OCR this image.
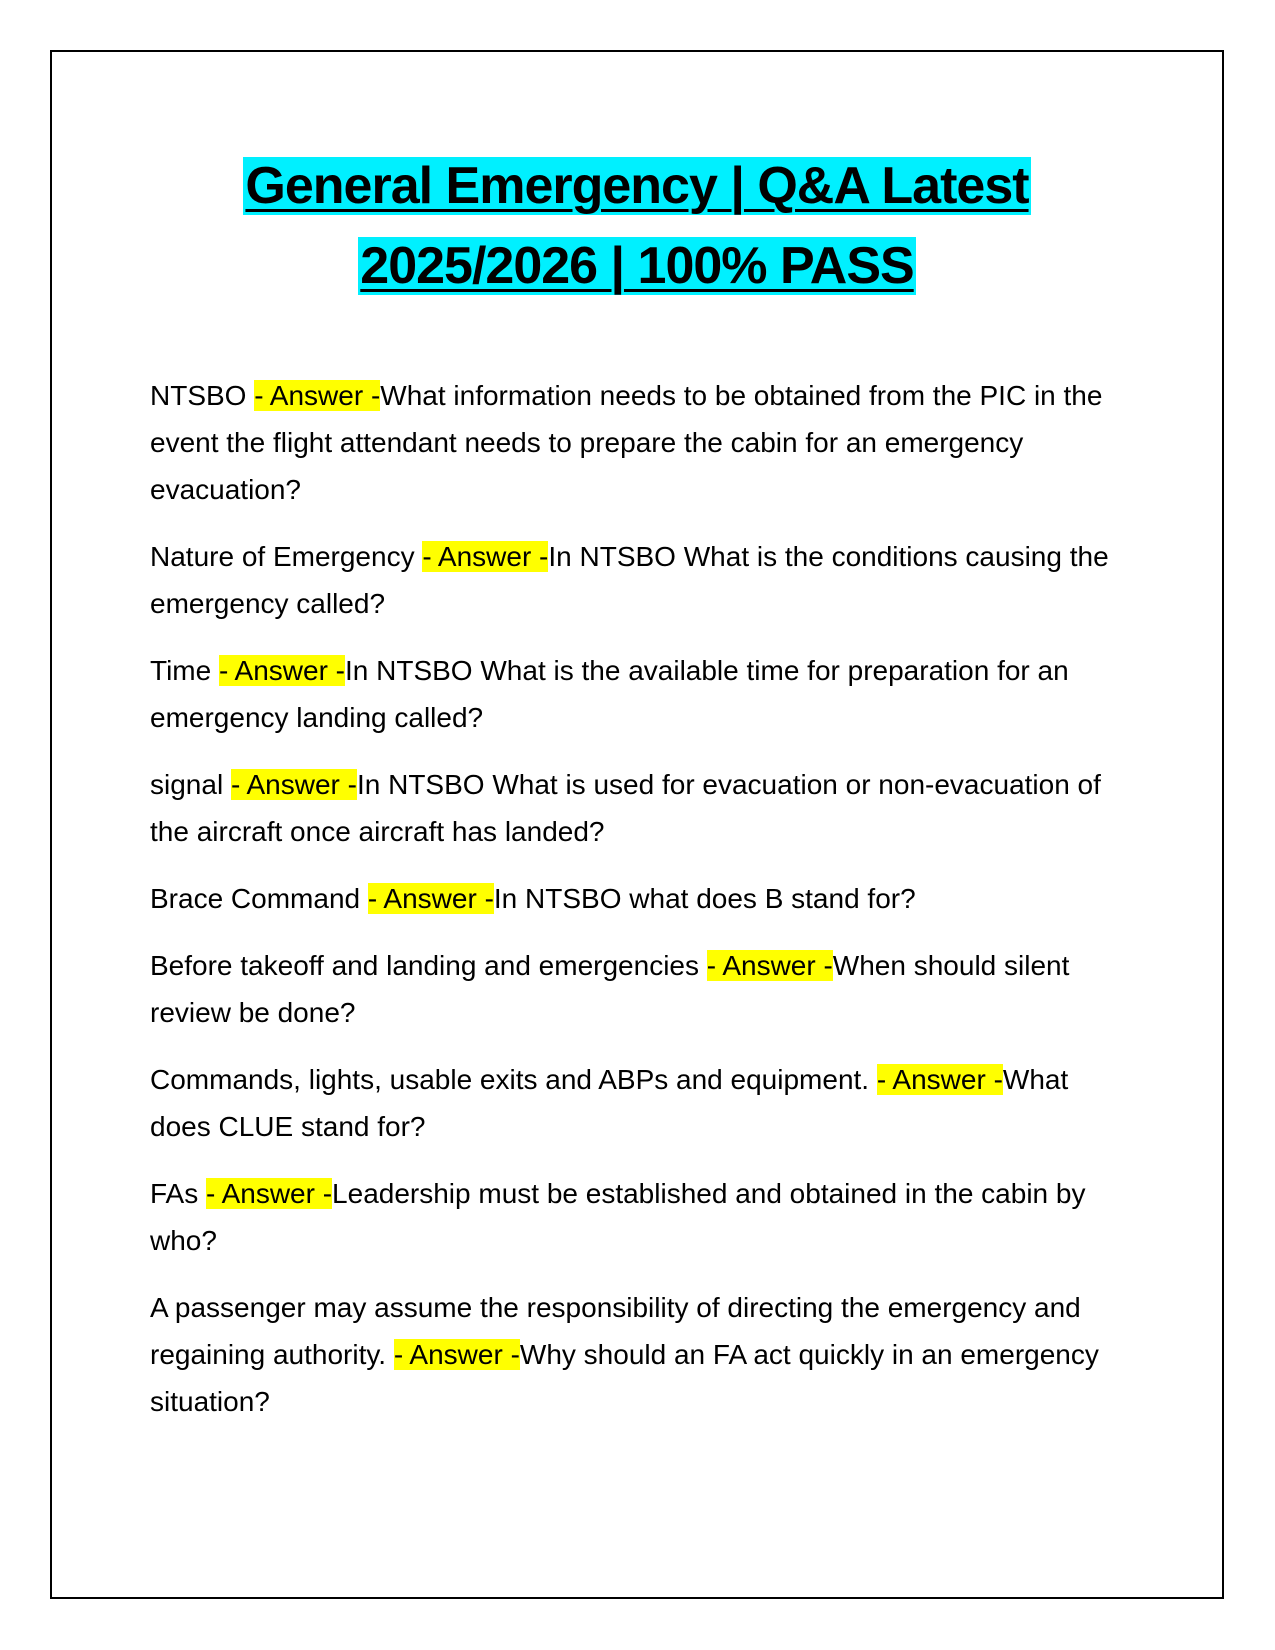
General Emergency | Q&A Latest
2025/2026 | 100% PASS

NTSBO - Answer -What information needs to be obtained from the PIC in the event the flight attendant needs to prepare the cabin for an emergency evacuation?

Nature of Emergency - Answer -In NTSBO What is the conditions causing the emergency called?

Time - Answer -In NTSBO What is the available time for preparation for an emergency landing called?

signal - Answer -In NTSBO What is used for evacuation or non-evacuation of the aircraft once aircraft has landed?

Brace Command - Answer -In NTSBO what does B stand for?

Before takeoff and landing and emergencies - Answer -When should silent review be done?

Commands, lights, usable exits and ABPs and equipment. - Answer -What does CLUE stand for?

FAs - Answer -Leadership must be established and obtained in the cabin by who?

A passenger may assume the responsibility of directing the emergency and regaining authority. - Answer -Why should an FA act quickly in an emergency situation?
